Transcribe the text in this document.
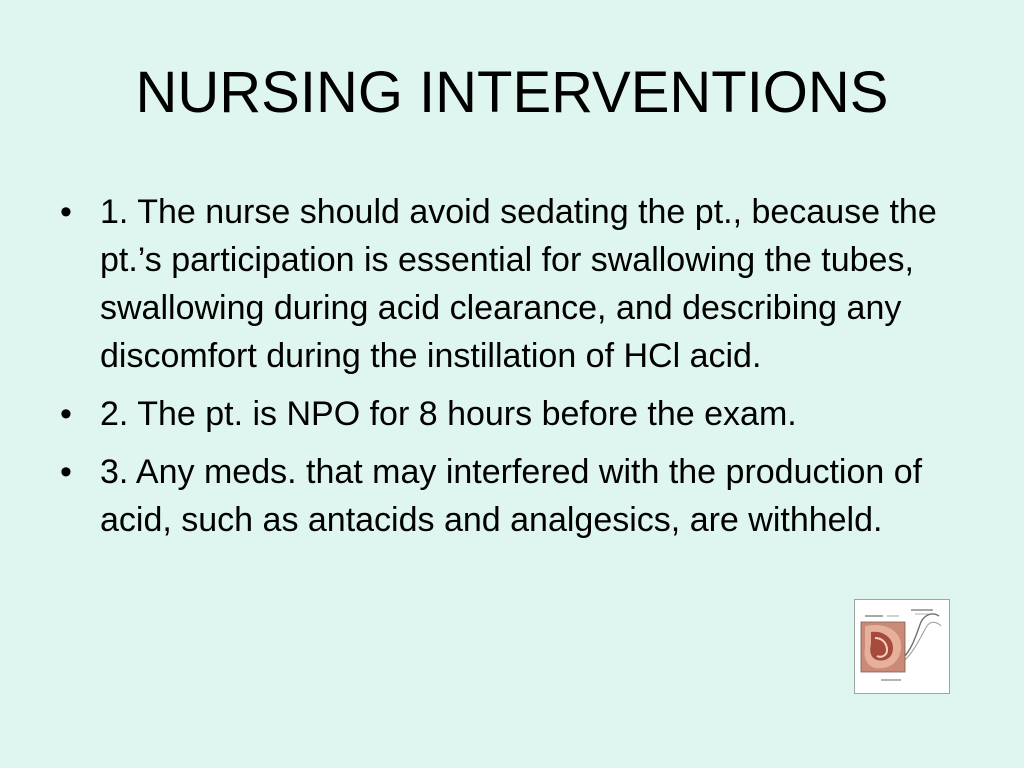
NURSING INTERVENTIONS
• 1. The nurse should avoid sedating the pt., because the pt.’s participation is essential for swallowing the tubes, swallowing during acid clearance, and describing any discomfort during the instillation of HCl acid.
• 2. The pt. is NPO for 8 hours before the exam.
• 3. Any meds. that may interfered with the production of acid, such as antacids and analgesics, are withheld.
